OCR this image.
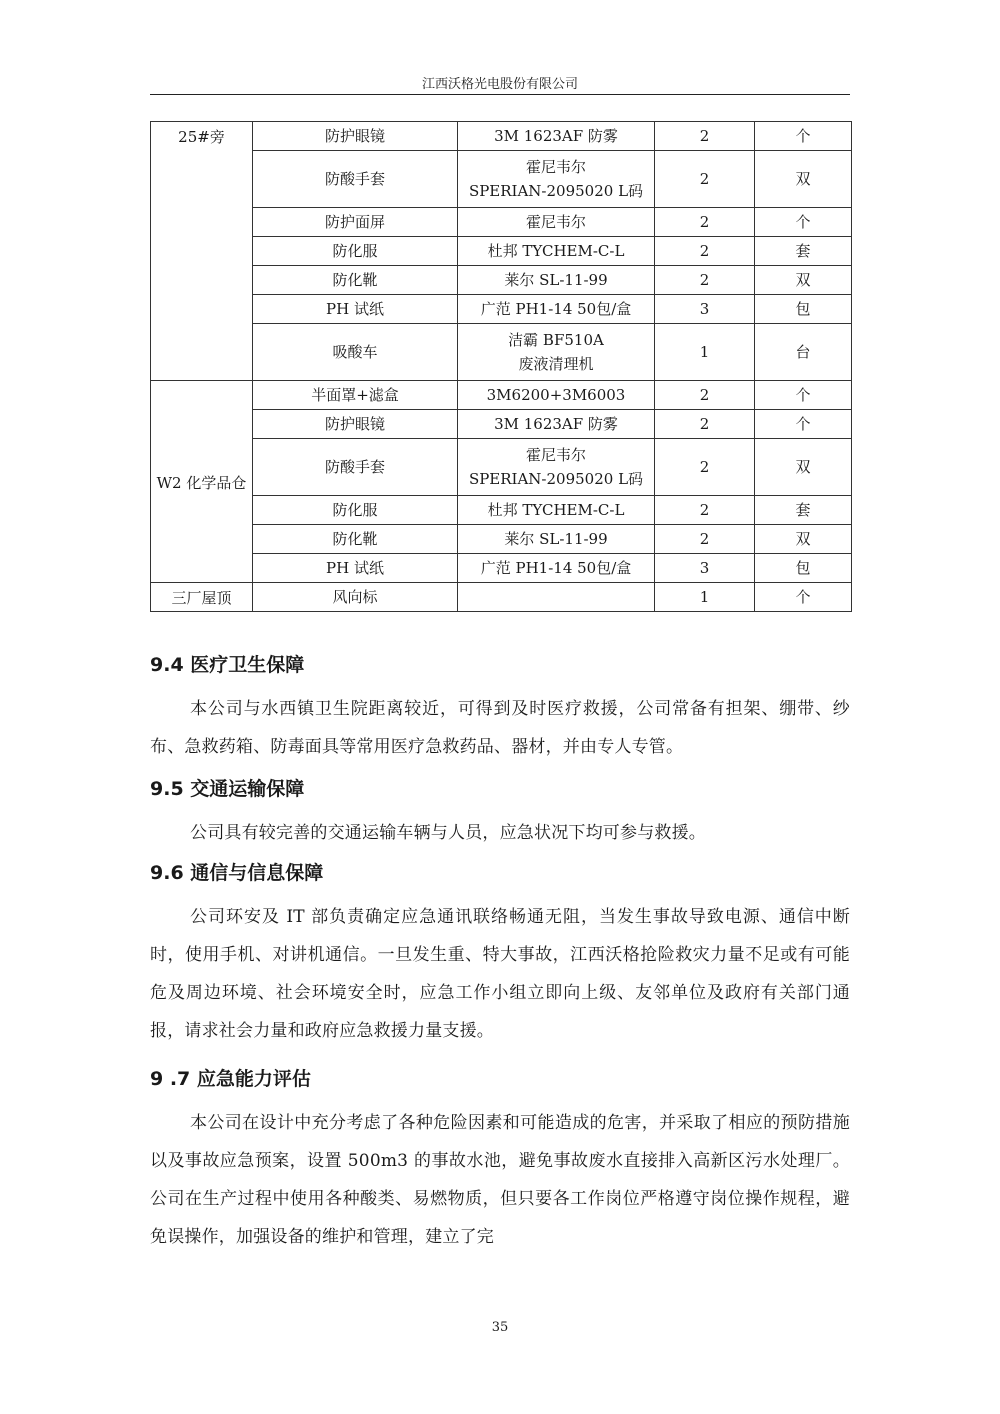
江西沃格光电股份有限公司
25#旁	防护眼镜	3M 1623AF 防雾	2	个
	防酸手套	霍尼韦尔
SPERIAN-2095020 L码	2	双
	防护面屏	霍尼韦尔	2	个
	防化服	杜邦 TYCHEM-C-L	2	套
	防化靴	莱尔 SL-11-99	2	双
	PH 试纸	广范 PH1-14 50包/盒	3	包
	吸酸车	洁霸 BF510A
废液清理机	1	台
W2 化学品仓	半面罩+滤盒	3M6200+3M6003	2	个
	防护眼镜	3M 1623AF 防雾	2	个
	防酸手套	霍尼韦尔
SPERIAN-2095020 L码	2	双
	防化服	杜邦 TYCHEM-C-L	2	套
	防化靴	莱尔 SL-11-99	2	双
	PH 试纸	广范 PH1-14 50包/盒	3	包
三厂屋顶	风向标		1	个
9.4 医疗卫生保障

本公司与水西镇卫生院距离较近，可得到及时医疗救援，公司常备有担架、绷带、纱布、急救药箱、防毒面具等常用医疗急救药品、器材，并由专人专管。

9.5 交通运输保障

公司具有较完善的交通运输车辆与人员，应急状况下均可参与救援。

9.6 通信与信息保障

公司环安及 IT 部负责确定应急通讯联络畅通无阻，当发生事故导致电源、通信中断时，使用手机、对讲机通信。一旦发生重、特大事故，江西沃格抢险救灾力量不足或有可能危及周边环境、社会环境安全时，应急工作小组立即向上级、友邻单位及政府有关部门通报，请求社会力量和政府应急救援力量支援。

9 .7 应急能力评估

本公司在设计中充分考虑了各种危险因素和可能造成的危害，并采取了相应的预防措施以及事故应急预案，设置 500m3 的事故水池，避免事故废水直接排入高新区污水处理厂。公司在生产过程中使用各种酸类、易燃物质，但只要各工作岗位严格遵守岗位操作规程，避免误操作，加强设备的维护和管理，建立了完

35
